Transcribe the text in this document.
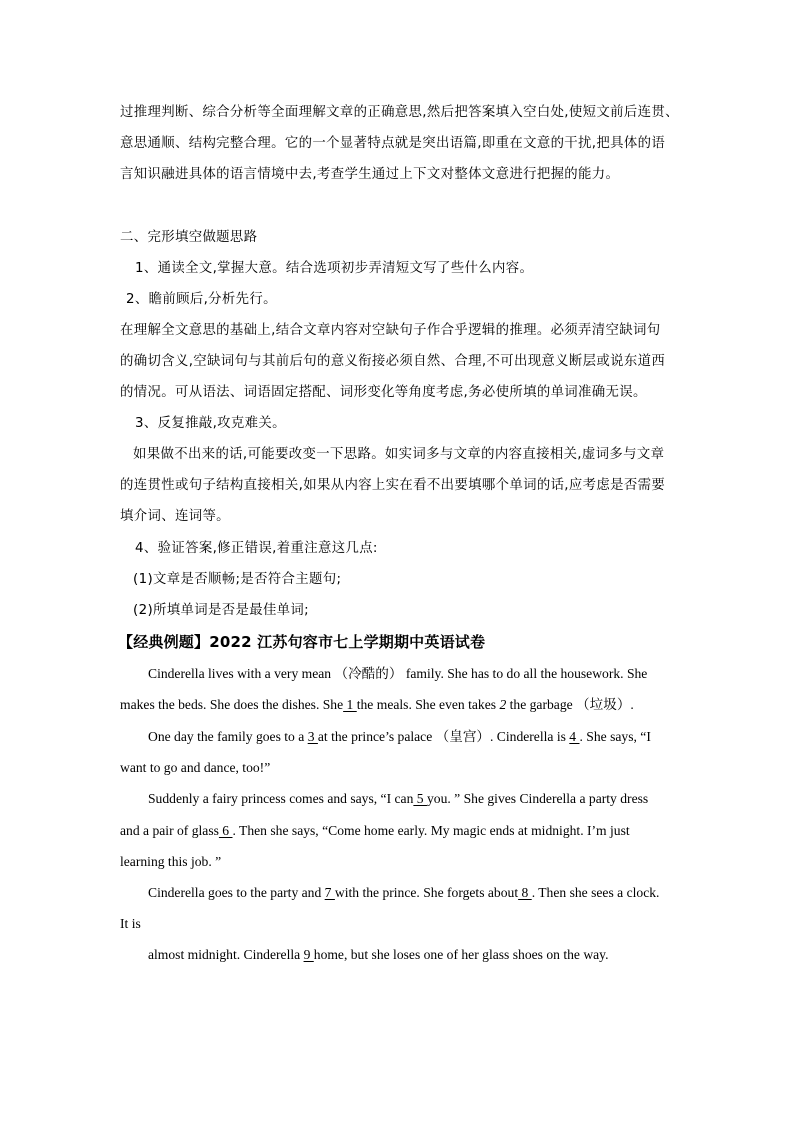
过推理判断、综合分析等全面理解文章的正确意思,然后把答案填入空白处,使短文前后连贯、
意思通顺、结构完整合理。它的一个显著特点就是突出语篇,即重在文意的干扰,把具体的语
言知识融进具体的语言情境中去,考查学生通过上下文对整体文意进行把握的能力。
二、完形填空做题思路
1、通读全文,掌握大意。结合选项初步弄清短文写了些什么内容。
2、瞻前顾后,分析先行。
在理解全文意思的基础上,结合文章内容对空缺句子作合乎逻辑的推理。必须弄清空缺词句
的确切含义,空缺词句与其前后句的意义衔接必须自然、合理,不可出现意义断层或说东道西
的情况。可从语法、词语固定搭配、词形变化等角度考虑,务必使所填的单词准确无误。
3、反复推敲,攻克难关。
如果做不出来的话,可能要改变一下思路。如实词多与文章的内容直接相关,虚词多与文章
的连贯性或句子结构直接相关,如果从内容上实在看不出要填哪个单词的话,应考虑是否需要
填介词、连词等。
4、验证答案,修正错误,着重注意这几点:
(1)文章是否顺畅;是否符合主题句;
(2)所填单词是否是最佳单词;
【经典例题】2022 江苏句容市七上学期期中英语试卷
Cinderella lives with a very mean （冷酷的） family. She has to do all the housework. She
makes the beds. She does the dishes. She 1 the meals. She even takes 2 the garbage （垃圾）.
One day the family goes to a 3 at the prince’s palace （皇宫）. Cinderella is 4 . She says, “I
want to go and dance, too!”
Suddenly a fairy princess comes and says, “I can 5 you. ” She gives Cinderella a party dress
and a pair of glass 6 . Then she says, “Come home early. My magic ends at midnight. I’m just
learning this job. ”
Cinderella goes to the party and 7 with the prince. She forgets about 8 . Then she sees a clock.
It is
almost midnight. Cinderella 9 home, but she loses one of her glass shoes on the way.
